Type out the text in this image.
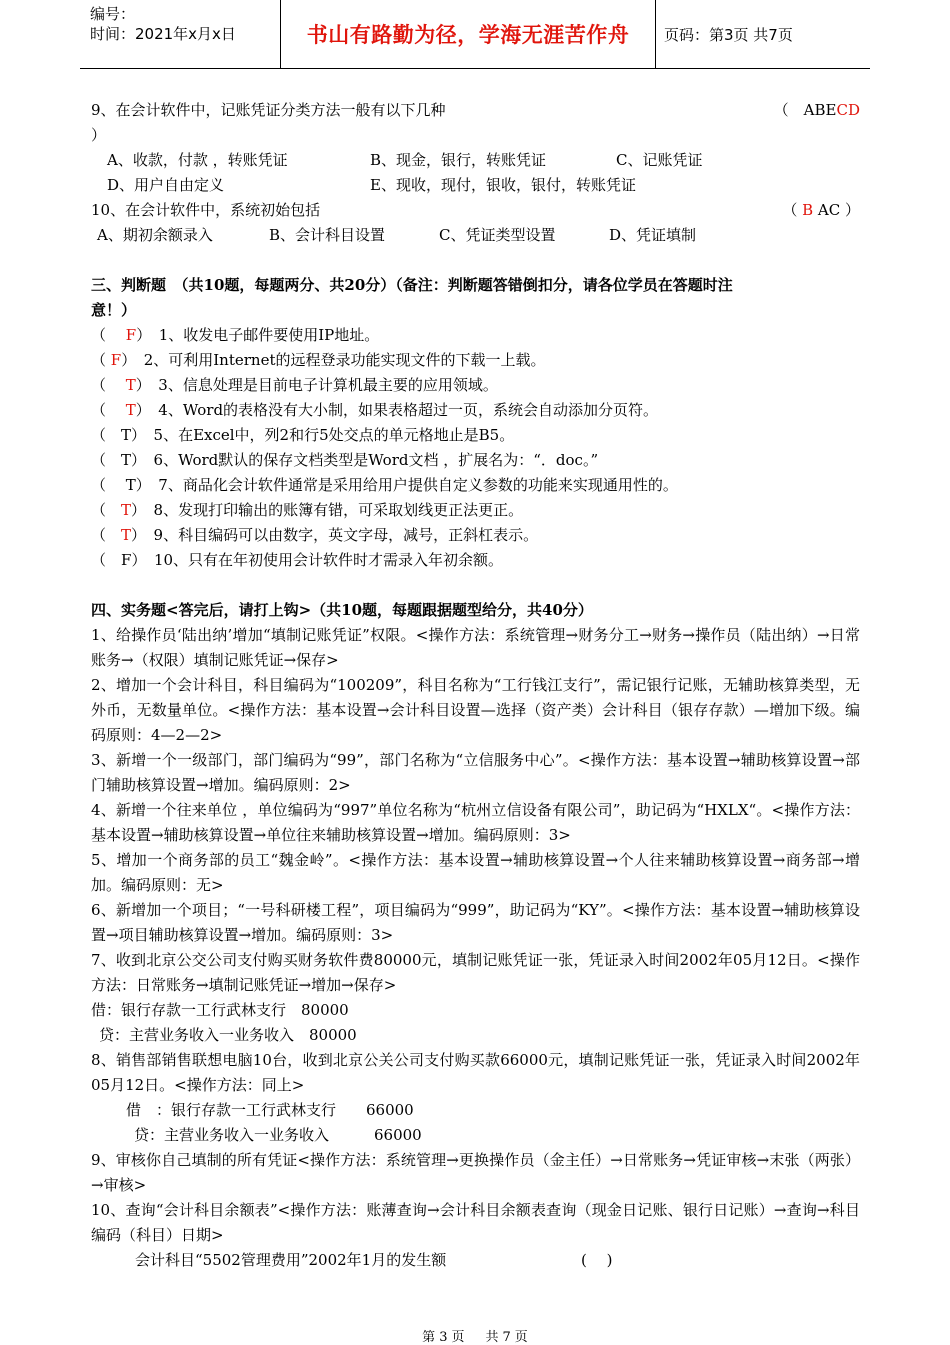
编号：
时间：2021年x月x日	书山有路勤为径，学海无涯苦作舟	页码：第3页 共7页
9、在会计软件中，记账凭证分类方法一般有以下几种	（　 ABECD
）
A、收款，付款 ，转账凭证	B、现金，银行，转账凭证	C、记账凭证
D、用户自由定义	E、现收，现付，银收，银付，转账凭证
10、在会计软件中，系统初始包括	（ B AC ）
A、期初余额录入	B、会计科目设置	C、凭证类型设置	D、凭证填制
三、判断题　（共10题，每题两分、共20分）（备注：判断题答错倒扣分，请各位学员在答题时注
意！）
（　 F）　1、收发电子邮件要使用IP地址。
（ F）　2、可利用Internet的远程登录功能实现文件的下载一上载。
（　 T）　3、信息处理是目前电子计算机最主要的应用领域。
（　 T）　4、Word的表格没有大小制，如果表格超过一页，系统会自动添加分页符。
（　T）　5、在Excel中，列2和行5处交点的单元格地止是B5。
（　T）　6、Word默认的保存文档类型是Word文档 ，扩展名为：“．doc。”
（　 T）　7、商品化会计软件通常是采用给用户提供自定义参数的功能来实现通用性的。
（　T）　8、发现打印输出的账簿有错，可采取划线更正法更正。
（　T）　9、科目编码可以由数字，英文字母，减号，正斜杠表示。
（　F）　10、只有在年初使用会计软件时才需录入年初余额。
四、实务题<答完后，请打上钩>（共10题，每题跟据题型给分，共40分）
1、给操作员‘陆出纳’增加“填制记账凭证”权限。<操作方法：系统管理→财务分工→财务→操作员（陆出纳）→日常账务→（权限）填制记账凭证→保存>
2、增加一个会计科目，科目编码为“100209”，科目名称为“工行钱江支行”，需记银行记账，无辅助核算类型，无外币，无数量单位。<操作方法：基本设置→会计科目设置—选择（资产类）会计科目（银存存款）—增加下级。编码原则：4—2—2>
3、新增一个一级部门，部门编码为“99”，部门名称为“立信服务中心”。<操作方法：基本设置→辅助核算设置→部门辅助核算设置→增加。编码原则：2>
4、新增一个往来单位 ，单位编码为“997”单位名称为“杭州立信设备有限公司”，助记码为“HXLX“。<操作方法：基本设置→辅助核算设置→单位往来辅助核算设置→增加。编码原则：3>
5、增加一个商务部的员工“魏金岭”。<操作方法：基本设置→辅助核算设置→个人往来辅助核算设置→商务部→增加。编码原则：无>
6、新增加一个项目；“一号科研楼工程”，项目编码为“999”，助记码为“KY”。<操作方法：基本设置→辅助核算设置→项目辅助核算设置→增加。编码原则：3>
7、收到北京公交公司支付购买财务软件费80000元，填制记账凭证一张，凭证录入时间2002年05月12日。<操作方法：日常账务→填制记账凭证→增加→保存>
借：银行存款一工行武林支行　80000
贷：主营业务收入一业务收入　80000
8、销售部销售联想电脑10台，收到北京公关公司支付购买款66000元，填制记账凭证一张，凭证录入时间2002年05月12日。<操作方法：同上>
借　：银行存款一工行武林支行　　66000
贷：主营业务收入一业务收入　　　66000
9、审核你自己填制的所有凭证<操作方法：系统管理→更换操作员（金主任）→日常账务→凭证审核→末张（两张）→审核>
10、查询“会计科目余额表”<操作方法：账薄查询→会计科目余额表查询（现金日记账、银行日记账）→查询→科目编码（科目）日期>
会计科目“5502管理费用”2002年1月的发生额	(　 )
第 3 页　 共 7 页
